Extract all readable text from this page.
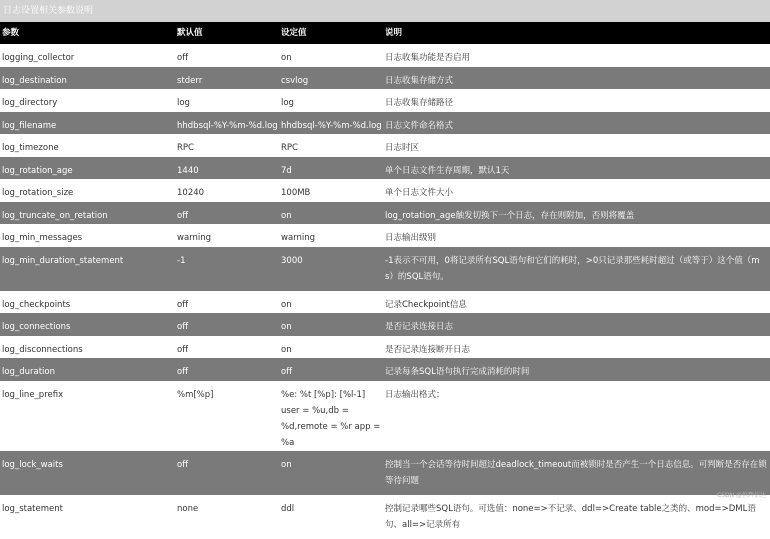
日志设置相关参数说明
参数	默认值	设定值	说明
logging_collector	off	on	日志收集功能是否启用
log_destination	stderr	csvlog	日志收集存储方式
log_directory	log	log	日志收集存储路径
log_filename	hhdbsql-%Y-%m-%d.log	hhdbsql-%Y-%m-%d.log	日志文件命名格式
log_timezone	RPC	RPC	日志时区
log_rotation_age	1440	7d	单个日志文件生存周期，默认1天
log_rotation_size	10240	100MB	单个日志文件大小
log_truncate_on_retation	off	on	log_rotation_age触发切换下一个日志，存在则附加，否则将覆盖
log_min_messages	warning	warning	日志输出级别
log_min_duration_statement	-1	3000	-1表示不可用，0将记录所有SQL语句和它们的耗时，>0只记录那些耗时超过（或等于）这个值（ms）的SQL语句。
log_checkpoints	off	on	记录Checkpoint信息
log_connections	off	on	是否记录连接日志
log_disconnections	off	on	是否记录连接断开日志
log_duration	off	off	记录每条SQL语句执行完成消耗的时间
log_line_prefix	%m[%p]	%e: %t [%p]: [%l-1] user = %u,db = %d,remote = %r app = %a	日志输出格式；
log_lock_waits	off	on	控制当一个会话等待时间超过deadlock_timeout而被锁时是否产生一个日志信息。可判断是否存在锁等待问题
log_statement	none	ddl	控制记录哪些SQL语句。可选值：none=>不记录、ddl=>Create table之类的、mod=>DML语句、all=>记录所有
CSDN @恒辉信达
